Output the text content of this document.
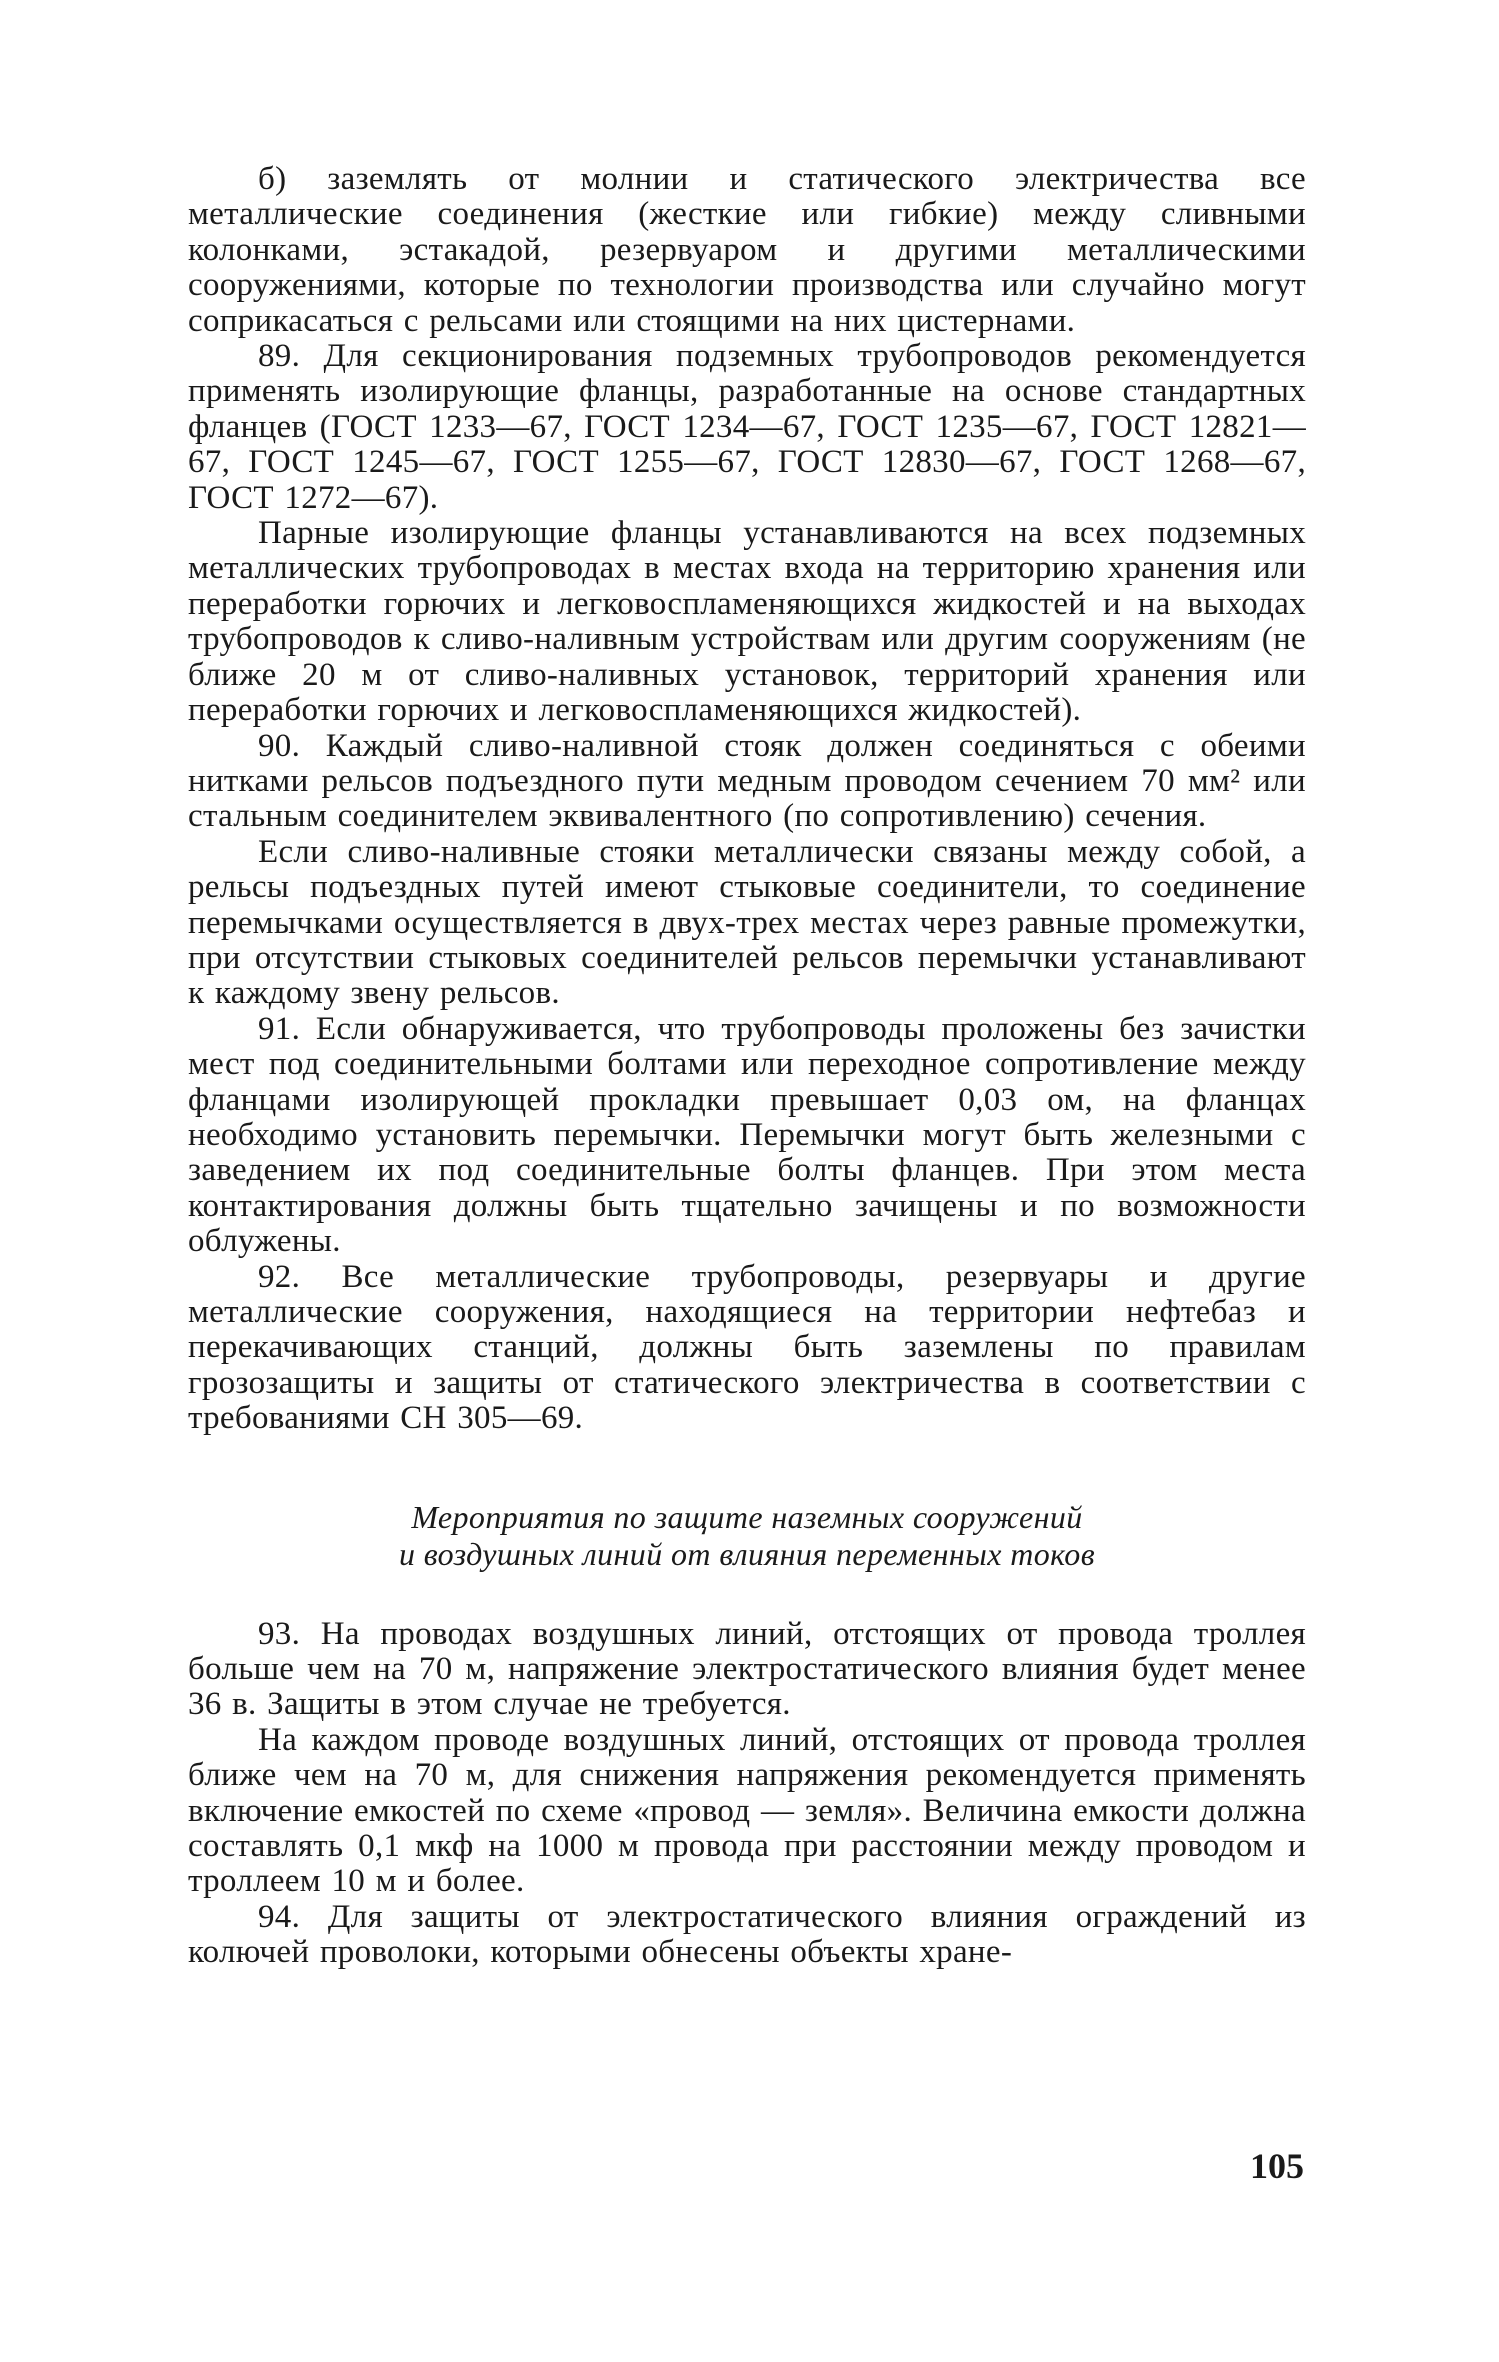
б) заземлять от молнии и статического электричества все металлические соединения (жесткие или гибкие) между сливными колонками, эстакадой, резервуаром и другими металлическими сооружениями, которые по технологии производства или случайно могут соприкасаться с рельсами или стоящими на них цистернами.

89. Для секционирования подземных трубопроводов рекомендуется применять изолирующие фланцы, разработанные на основе стандартных фланцев (ГОСТ 1233—67, ГОСТ 1234—67, ГОСТ 1235—67, ГОСТ 12821—67, ГОСТ 1245—67, ГОСТ 1255—67, ГОСТ 12830—67, ГОСТ 1268—67, ГОСТ 1272—67).

Парные изолирующие фланцы устанавливаются на всех подземных металлических трубопроводах в местах входа на территорию хранения или переработки горючих и легковоспламеняющихся жидкостей и на выходах трубопроводов к сливо-наливным устройствам или другим сооружениям (не ближе 20 м от сливо-наливных установок, территорий хранения или переработки горючих и легковоспламеняющихся жидкостей).

90. Каждый сливо-наливной стояк должен соединяться с обеими нитками рельсов подъездного пути медным проводом сечением 70 мм² или стальным соединителем эквивалентного (по сопротивлению) сечения.

Если сливо-наливные стояки металлически связаны между собой, а рельсы подъездных путей имеют стыковые соединители, то соединение перемычками осуществляется в двух-трех местах через равные промежутки, при отсутствии стыковых соединителей рельсов перемычки устанавливают к каждому звену рельсов.

91. Если обнаруживается, что трубопроводы проложены без зачистки мест под соединительными болтами или переходное сопротивление между фланцами изолирующей прокладки превышает 0,03 ом, на фланцах необходимо установить перемычки. Перемычки могут быть железными с заведением их под соединительные болты фланцев. При этом места контактирования должны быть тщательно зачищены и по возможности облужены.

92. Все металлические трубопроводы, резервуары и другие металлические сооружения, находящиеся на территории нефтебаз и перекачивающих станций, должны быть заземлены по правилам грозозащиты и защиты от статического электричества в соответствии с требованиями СН 305—69.

Мероприятия по защите наземных сооружений
и воздушных линий от влияния переменных токов

93. На проводах воздушных линий, отстоящих от провода троллея больше чем на 70 м, напряжение электростатического влияния будет менее 36 в. Защиты в этом случае не требуется.

На каждом проводе воздушных линий, отстоящих от провода троллея ближе чем на 70 м, для снижения напряжения рекомендуется применять включение емкостей по схеме «провод — земля». Величина емкости должна составлять 0,1 мкф на 1000 м провода при расстоянии между проводом и троллеем 10 м и более.

94. Для защиты от электростатического влияния ограждений из колючей проволоки, которыми обнесены объекты хране-

105
